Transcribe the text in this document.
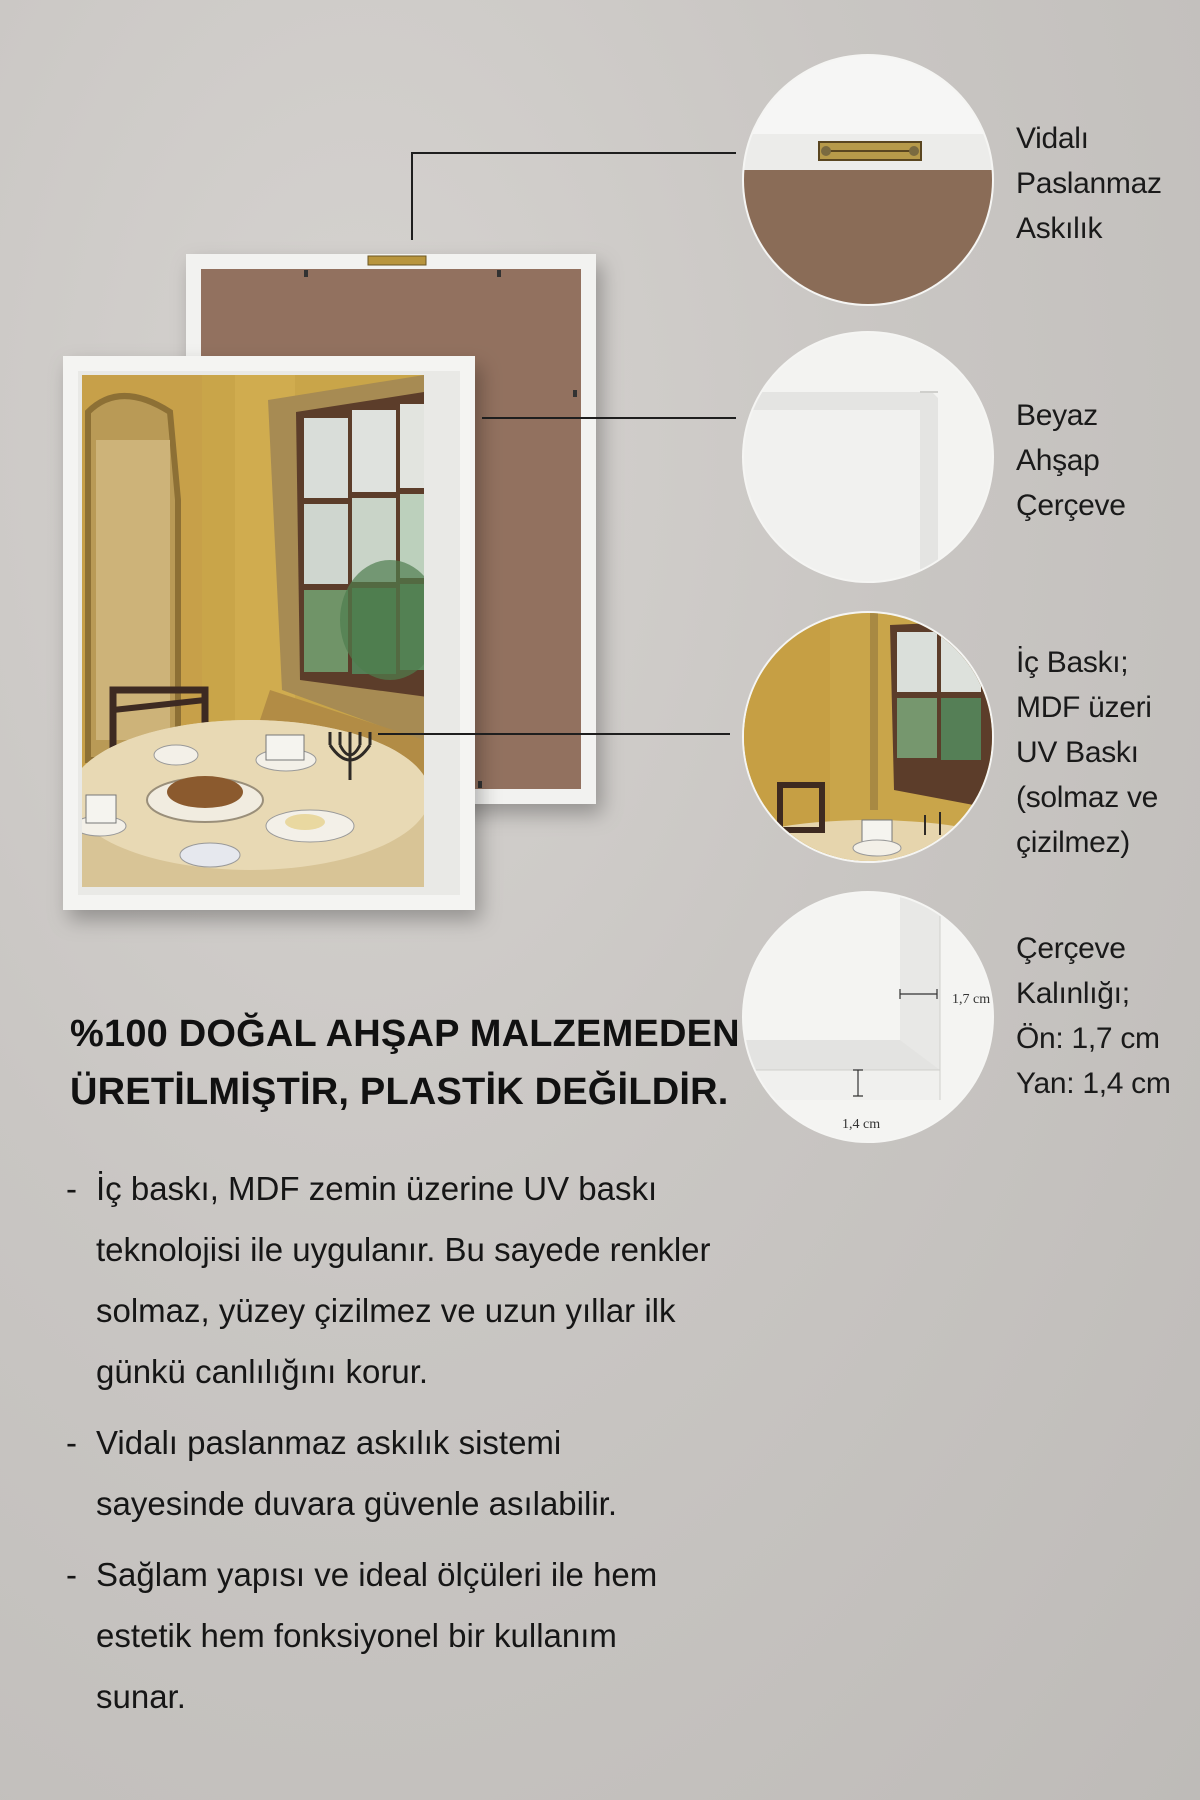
1,7 cm
1,4 cm
Vidalı
Paslanmaz
Askılık
Beyaz
Ahşap
Çerçeve
İç Baskı;
MDF üzeri
UV Baskı
(solmaz ve
çizilmez)
Çerçeve
Kalınlığı;
Ön: 1,7 cm
Yan: 1,4 cm
%100 DOĞAL AHŞAP MALZEMEDEN
ÜRETİLMİŞTİR, PLASTİK DEĞİLDİR.
- İç baskı, MDF zemin üzerine UV baskı
teknolojisi ile uygulanır. Bu sayede renkler
solmaz, yüzey çizilmez ve uzun yıllar ilk
günkü canlılığını korur.
- Vidalı paslanmaz askılık sistemi
sayesinde duvara güvenle asılabilir.
- Sağlam yapısı ve ideal ölçüleri ile hem
estetik hem fonksiyonel bir kullanım
sunar.
